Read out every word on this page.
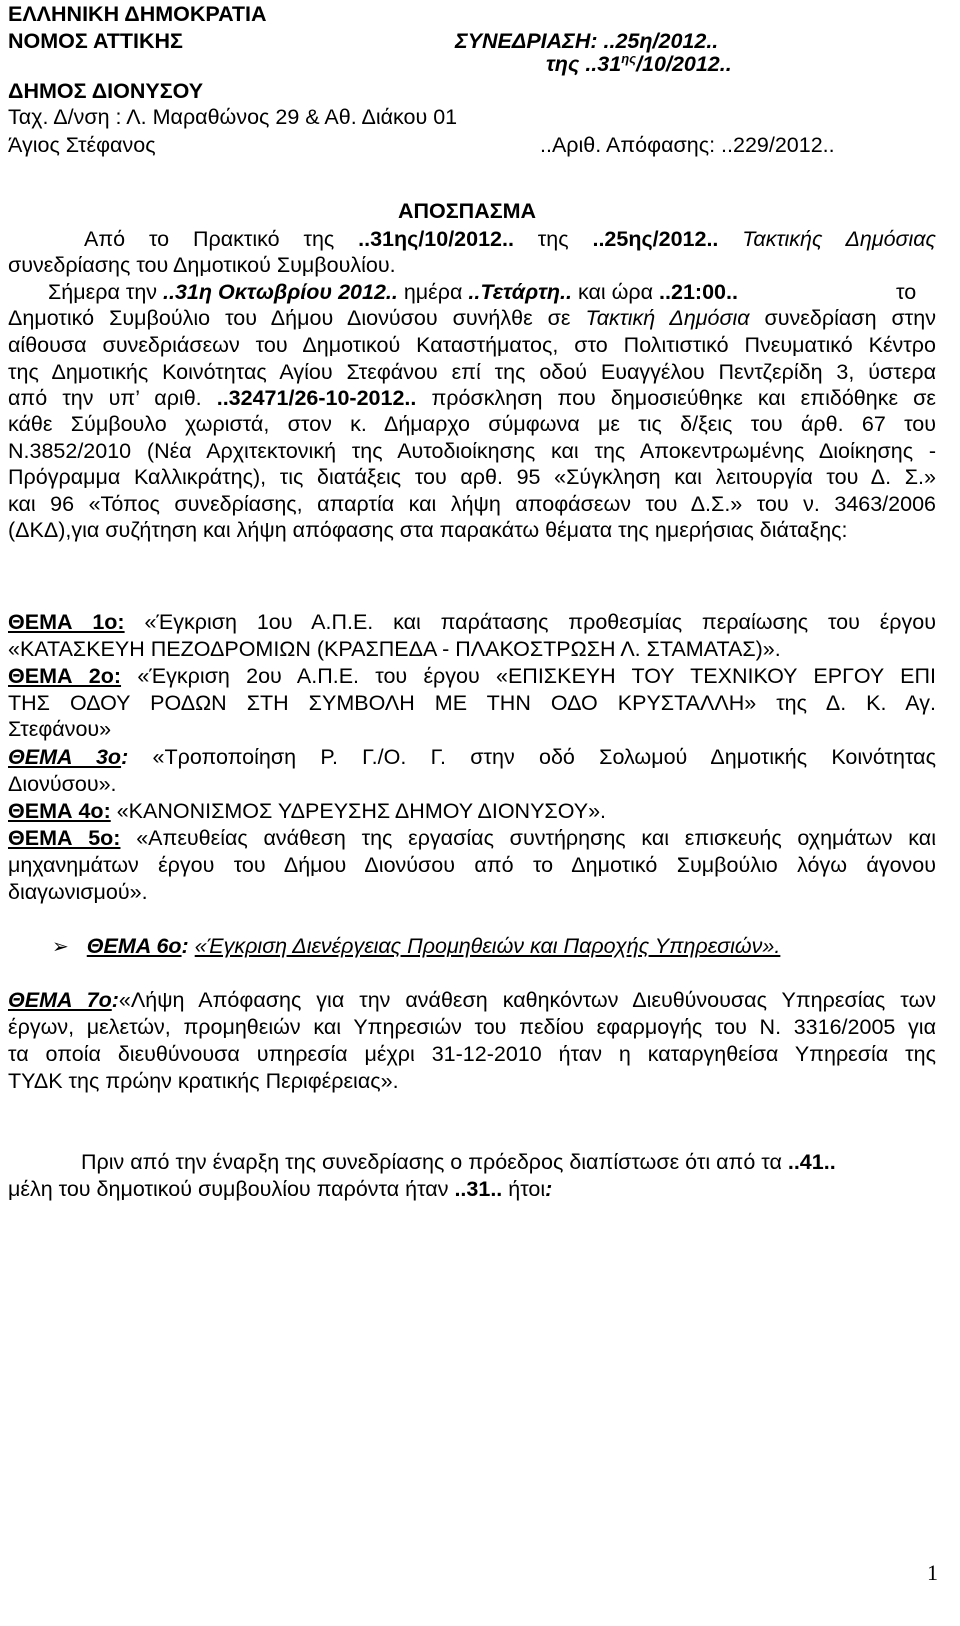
ΕΛΛΗΝΙΚΗ ΔΗΜΟΚΡΑΤΙΑ
ΝΟΜΟΣ ΑΤΤΙΚΗΣ	ΣΥΝΕΔΡΙΑΣΗ: ..25η/2012..
της $..31^{\eta\varsigma}/10/2012$..
ΔΗΜΟΣ ΔΙΟΝΥΣΟΥ
Ταχ. Δ/νση : Λ. Μαραθώνος 29 & Αθ. Διάκου 01
Άγιος Στέφανος	..Αριθ. Απόφασης: ..229/2012..
ΑΠΟΣΠΑΣΜΑ
Από το Πρακτικό της ..31ης/10/2012.. της ..25ης/2012.. Τακτικής Δημόσιας
συνεδρίασης του Δημοτικού Συμβουλίου.
Σήμερα την ..31η Οκτωβρίου 2012.. ημέρα ..Τετάρτη.. και ώρα ..21:00..	το
Δημοτικό Συμβούλιο του Δήμου Διονύσου συνήλθε σε Τακτική Δημόσια συνεδρίαση στην
αίθουσα συνεδριάσεων του Δημοτικού Καταστήματος, στο Πολιτιστικό Πνευματικό Κέντρο
της Δημοτικής Κοινότητας Αγίου Στεφάνου επί της οδού Ευαγγέλου Πεντζερίδη 3, ύστερα
από την υπ’ αριθ. ..32471/26-10-2012.. πρόσκληση που δημοσιεύθηκε και επιδόθηκε σε
κάθε Σύμβουλο χωριστά, στον κ. Δήμαρχο σύμφωνα με τις δ/ξεις του άρθ. 67 του
Ν.3852/2010 (Νέα Αρχιτεκτονική της Αυτοδιοίκησης και της Αποκεντρωμένης Διοίκησης -
Πρόγραμμα Καλλικράτης), τις διατάξεις του αρθ. 95 «Σύγκληση και λειτουργία του Δ. Σ.»
και 96 «Τόπος συνεδρίασης, απαρτία και λήψη αποφάσεων του Δ.Σ.» του ν. 3463/2006
(ΔΚΔ),για συζήτηση και λήψη απόφασης στα παρακάτω θέματα της ημερήσιας διάταξης:
ΘΕΜΑ 1ο: «Έγκριση 1ου Α.Π.Ε. και παράτασης προθεσμίας περαίωσης του έργου
«ΚΑΤΑΣΚΕΥΗ ΠΕΖΟΔΡΟΜΙΩΝ (ΚΡΑΣΠΕΔΑ - ΠΛΑΚΟΣΤΡΩΣΗ Λ. ΣΤΑΜΑΤΑΣ)».
ΘΕΜΑ 2ο: «Έγκριση 2ου Α.Π.Ε. του έργου «ΕΠΙΣΚΕΥΗ ΤΟΥ ΤΕΧΝΙΚΟΥ ΕΡΓΟΥ ΕΠΙ
ΤΗΣ ΟΔΟΥ ΡΟΔΩΝ ΣΤΗ ΣΥΜΒΟΛΗ ΜΕ ΤΗΝ ΟΔΟ ΚΡΥΣΤΑΛΛΗ» της Δ. Κ. Αγ.
Στεφάνου»
ΘΕΜΑ 3ο: «Τροποποίηση Ρ. Γ./Ο. Γ. στην οδό Σολωμού Δημοτικής Κοινότητας
Διονύσου».
ΘΕΜΑ 4ο: «ΚΑΝΟΝΙΣΜΟΣ ΥΔΡΕΥΣΗΣ ΔΗΜΟΥ ΔΙΟΝΥΣΟΥ».
ΘΕΜΑ 5ο: «Απευθείας ανάθεση της εργασίας συντήρησης και επισκευής οχημάτων και
μηχανημάτων έργου του Δήμου Διονύσου από το Δημοτικό Συμβούλιο λόγω άγονου
διαγωνισμού».
➢ ΘΕΜΑ 6ο: «Έγκριση Διενέργειας Προμηθειών και Παροχής Υπηρεσιών».
ΘΕΜΑ 7ο:«Λήψη Απόφασης για την ανάθεση καθηκόντων Διευθύνουσας Υπηρεσίας των
έργων, μελετών, προμηθειών και Υπηρεσιών του πεδίου εφαρμογής του Ν. 3316/2005 για
τα οποία διευθύνουσα υπηρεσία μέχρι 31-12-2010 ήταν η καταργηθείσα Υπηρεσία της
ΤΥΔΚ της πρώην κρατικής Περιφέρειας».
Πριν από την έναρξη της συνεδρίασης ο πρόεδρος διαπίστωσε ότι από τα ..41..
μέλη του δημοτικού συμβουλίου παρόντα ήταν ..31.. ήτοι:
1
